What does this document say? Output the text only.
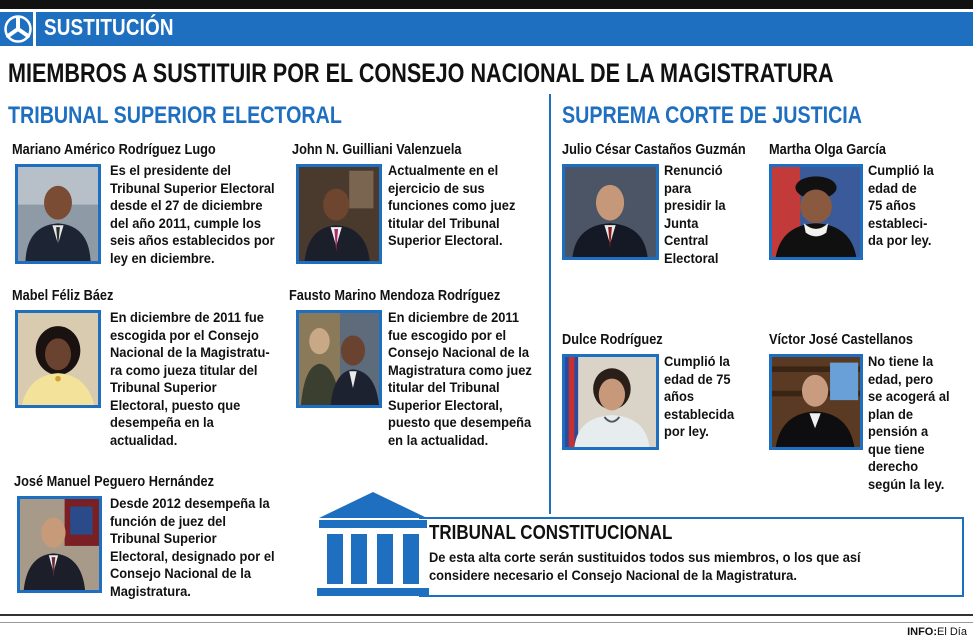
SUSTITUCIÓN
MIEMBROS A SUSTITUIR POR EL CONSEJO NACIONAL DE LA MAGISTRATURA
TRIBUNAL SUPERIOR ELECTORAL	SUPREMA CORTE DE JUSTICIA
Mariano Américo Rodríguez Lugo
Es el presidente del
Tribunal Superior Electoral
desde el 27 de diciembre
del año 2011, cumple los
seis años establecidos por
ley en diciembre.
John N. Guilliani Valenzuela
Actualmente en el
ejercicio de sus
funciones como juez
titular del Tribunal
Superior Electoral.
Mabel Féliz Báez
En diciembre de 2011 fue
escogida por el Consejo
Nacional de la Magistratu-
ra como jueza titular del
Tribunal Superior
Electoral, puesto que
desempeña en la
actualidad.
Fausto Marino Mendoza Rodríguez
En diciembre de 2011
fue escogido por el
Consejo Nacional de la
Magistratura como juez
titular del Tribunal
Superior Electoral,
puesto que desempeña
en la actualidad.
José Manuel Peguero Hernández
Desde 2012 desempeña la
función de juez del
Tribunal Superior
Electoral, designado por el
Consejo Nacional de la
Magistratura.
Julio César Castaños Guzmán
Renunció
para
presidir la
Junta
Central
Electoral
Martha Olga García
Cumplió la
edad de
75 años
estableci-
da por ley.
Dulce Rodríguez
Cumplió la
edad de 75
años
establecida
por ley.
Víctor José Castellanos
No tiene la
edad, pero
se acogerá al
plan de
pensión a
que tiene
derecho
según la ley.
TRIBUNAL CONSTITUCIONAL
De esta alta corte serán sustituidos todos sus miembros, o los que así
considere necesario el Consejo Nacional de la Magistratura.
INFO:El Día
